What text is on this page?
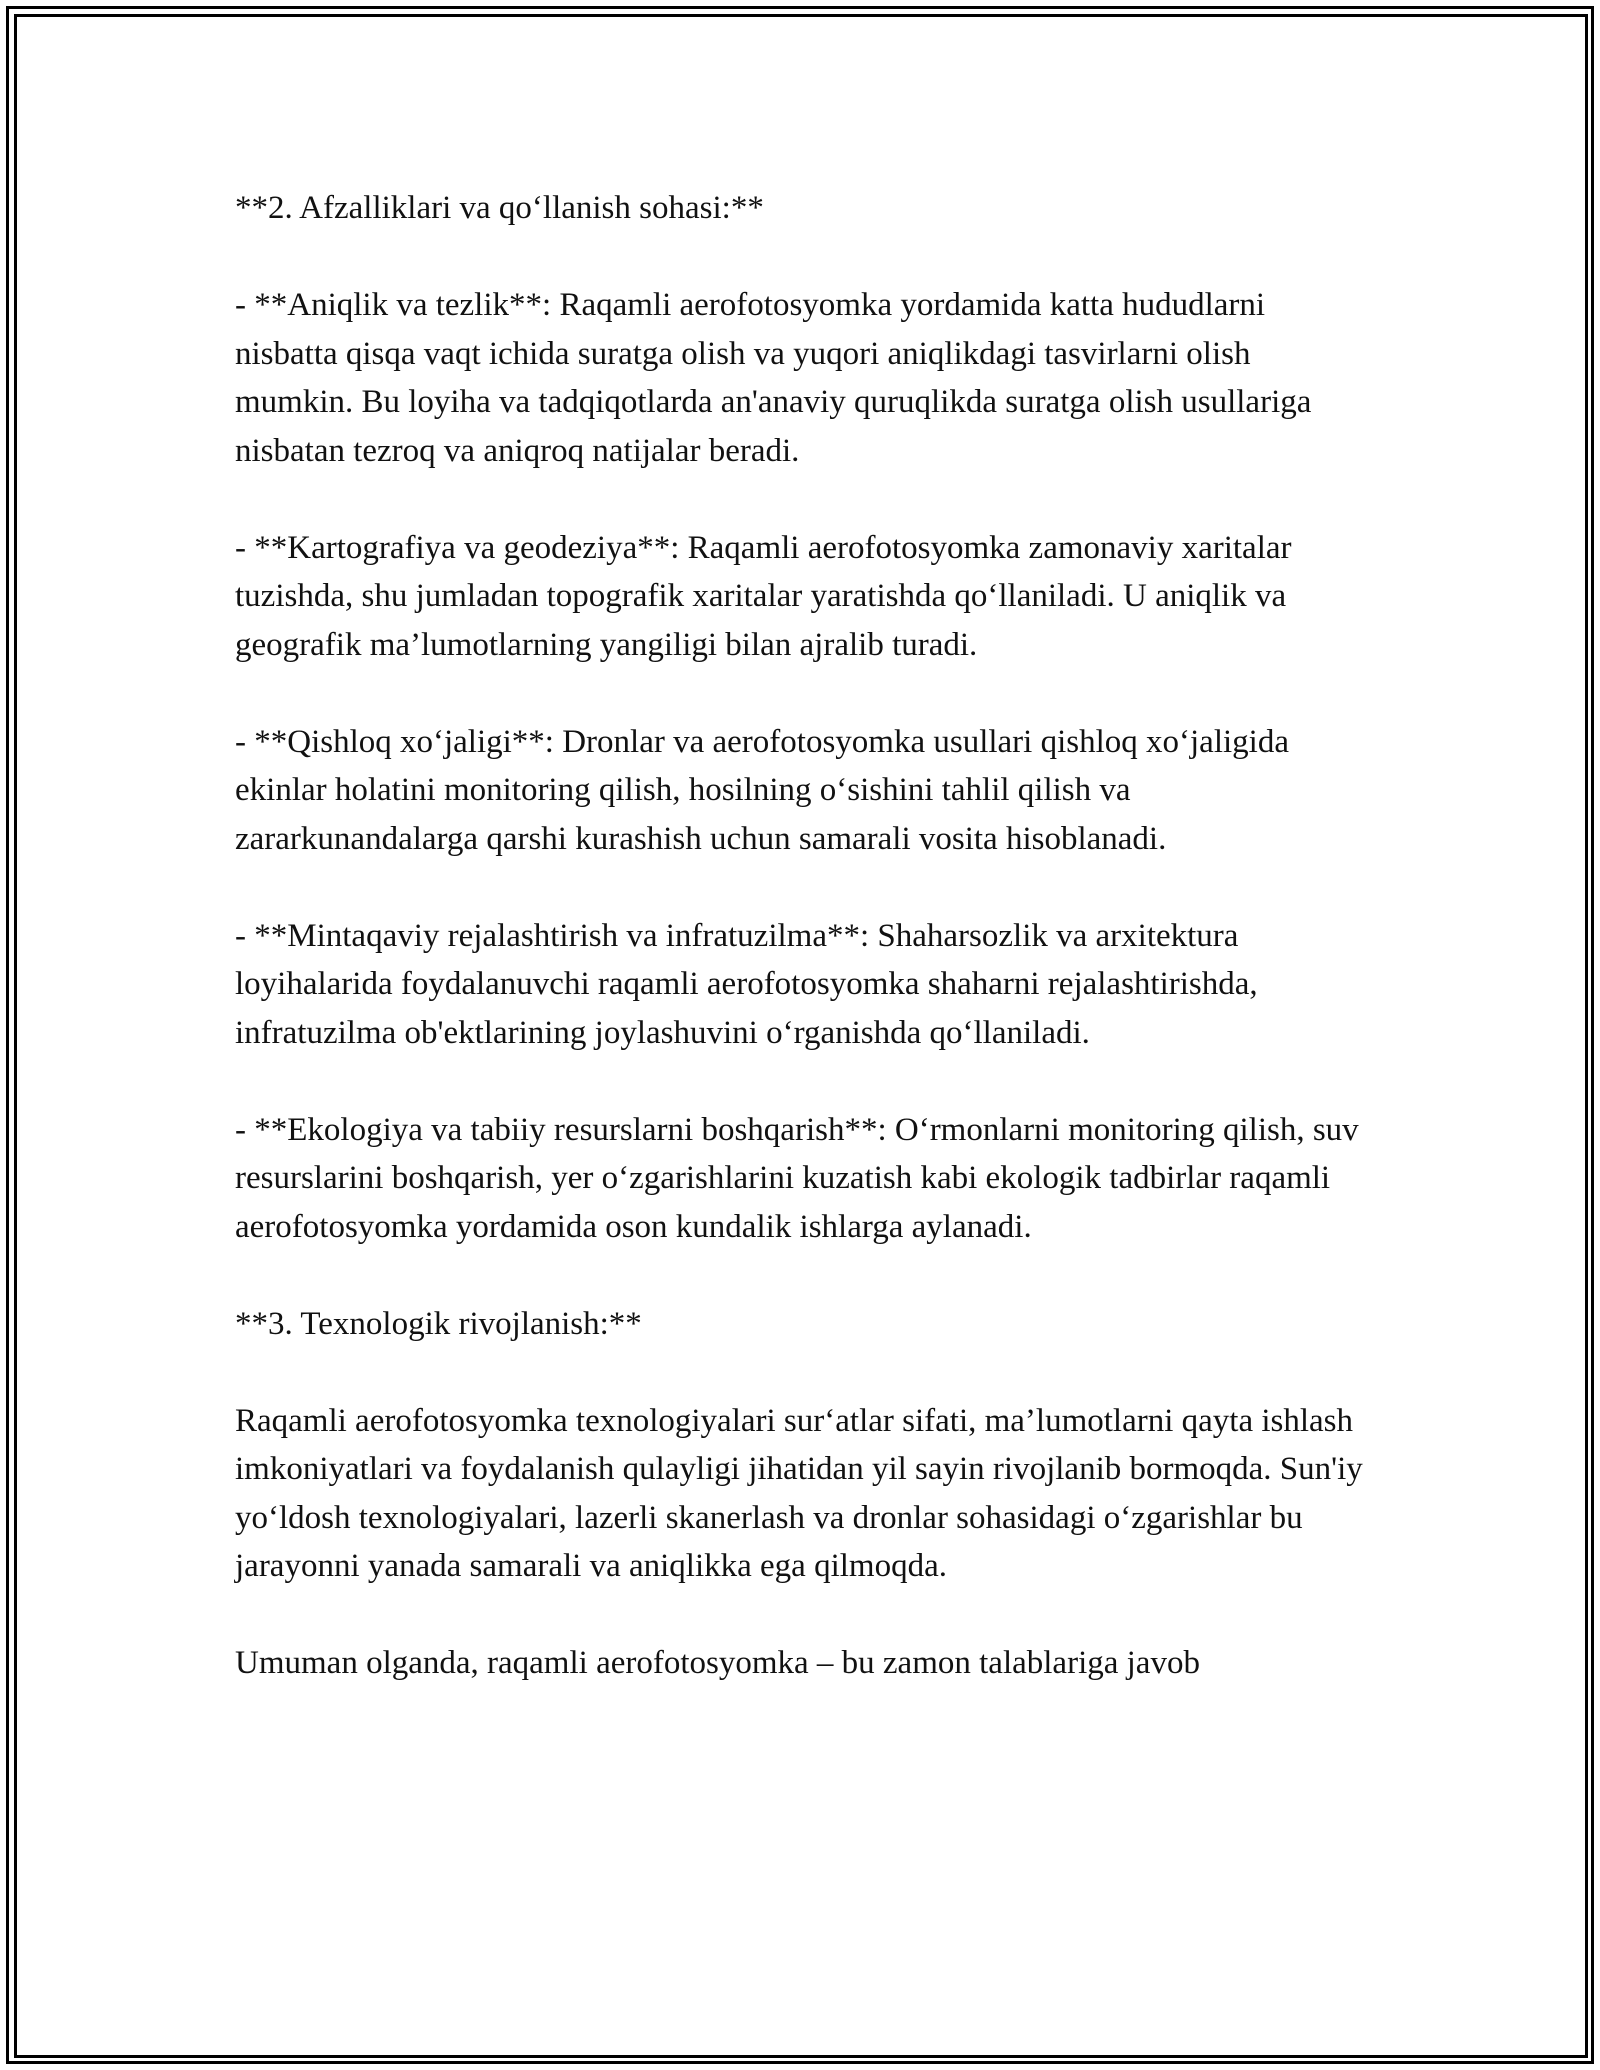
**2. Afzalliklari va qo‘llanish sohasi:**

- **Aniqlik va tezlik**: Raqamli aerofotosyomka yordamida katta hududlarni nisbatta qisqa vaqt ichida suratga olish va yuqori aniqlikdagi tasvirlarni olish mumkin. Bu loyiha va tadqiqotlarda an'anaviy quruqlikda suratga olish usullariga nisbatan tezroq va aniqroq natijalar beradi.

- **Kartografiya va geodeziya**: Raqamli aerofotosyomka zamonaviy xaritalar tuzishda, shu jumladan topografik xaritalar yaratishda qo‘llaniladi. U aniqlik va geografik ma’lumotlarning yangiligi bilan ajralib turadi.

- **Qishloq xo‘jaligi**: Dronlar va aerofotosyomka usullari qishloq xo‘jaligida ekinlar holatini monitoring qilish, hosilning o‘sishini tahlil qilish va zararkunandalarga qarshi kurashish uchun samarali vosita hisoblanadi.

- **Mintaqaviy rejalashtirish va infratuzilma**: Shaharsozlik va arxitektura loyihalarida foydalanuvchi raqamli aerofotosyomka shaharni rejalashtirishda, infratuzilma ob'ektlarining joylashuvini o‘rganishda qo‘llaniladi.

- **Ekologiya va tabiiy resurslarni boshqarish**: O‘rmonlarni monitoring qilish, suv resurslarini boshqarish, yer o‘zgarishlarini kuzatish kabi ekologik tadbirlar raqamli aerofotosyomka yordamida oson kundalik ishlarga aylanadi.

**3. Texnologik rivojlanish:**

Raqamli aerofotosyomka texnologiyalari sur‘atlar sifati, ma’lumotlarni qayta ishlash imkoniyatlari va foydalanish qulayligi jihatidan yil sayin rivojlanib bormoqda. Sun'iy yo‘ldosh texnologiyalari, lazerli skanerlash va dronlar sohasidagi o‘zgarishlar bu jarayonni yanada samarali va aniqlikka ega qilmoqda.

Umuman olganda, raqamli aerofotosyomka – bu zamon talablariga javob
